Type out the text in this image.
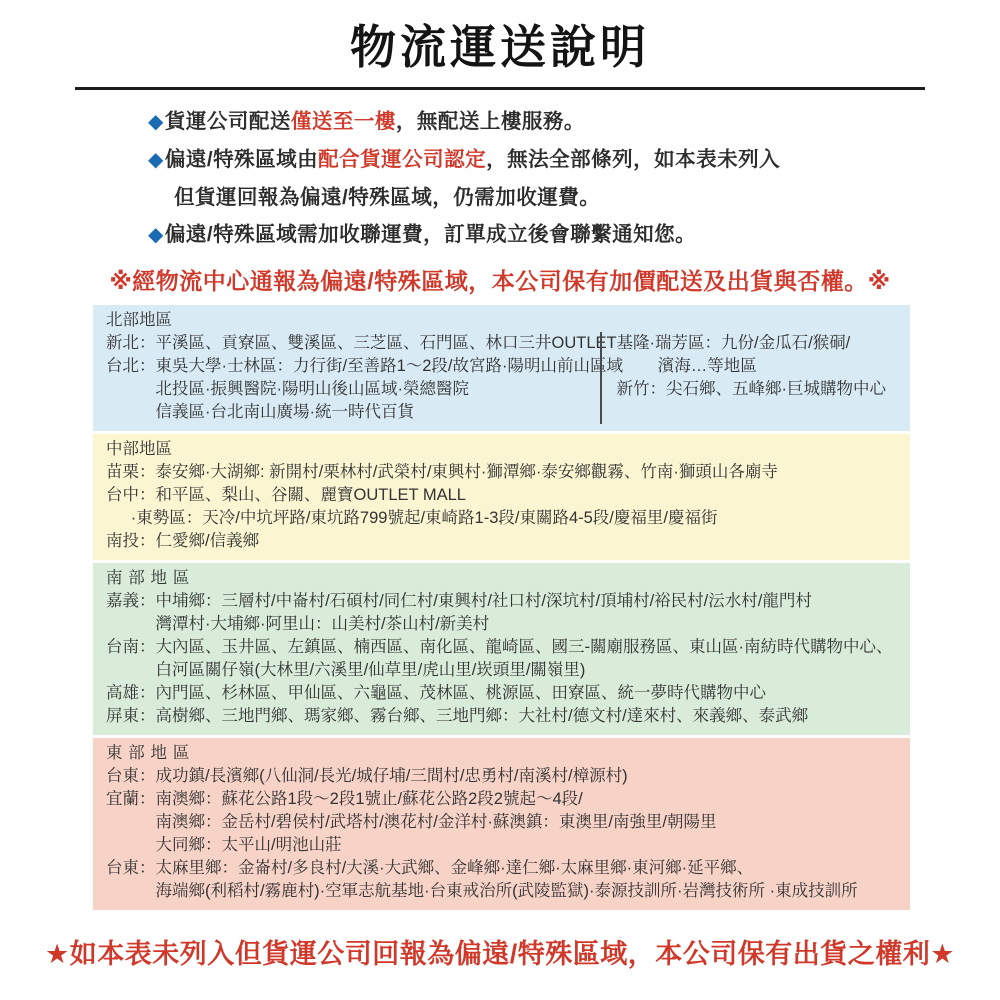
物流運送說明
◆貨運公司配送僅送至一樓，無配送上樓服務。
◆偏遠/特殊區域由配合貨運公司認定，無法全部條列，如本表未列入
但貨運回報為偏遠/特殊區域，仍需加收運費。
◆偏遠/特殊區域需加收聯運費，訂單成立後會聯繫通知您。
※經物流中心通報為偏遠/特殊區域，本公司保有加價配送及出貨與否權。※
北部地區
新北：平溪區、貢寮區、雙溪區、三芝區、石門區、林口三井OUTLET
台北：東吳大學·士林區：力行街/至善路1～2段/故宮路·陽明山前山區域
北投區·振興醫院·陽明山後山區域·榮總醫院
信義區·台北南山廣場·統一時代百貨
基隆·瑞芳區：九份/金瓜石/猴硐/
濱海…等地區
新竹：尖石鄉、五峰鄉·巨城購物中心
中部地區
苗栗：泰安鄉·大湖鄉: 新開村/栗林村/武榮村/東興村·獅潭鄉·泰安鄉觀霧、竹南·獅頭山各廟寺
台中：和平區、梨山、谷關、麗寶OUTLET MALL
·東勢區：天冷/中坑坪路/東坑路799號起/東崎路1-3段/東關路4-5段/慶福里/慶福街
南投：仁愛鄉/信義鄉
南部地區
嘉義：中埔鄉：三層村/中崙村/石碩村/同仁村/東興村/社口村/深坑村/頂埔村/裕民村/沄水村/龍門村
灣潭村·大埔鄉·阿里山：山美村/茶山村/新美村
台南：大內區、玉井區、左鎮區、楠西區、南化區、龍崎區、國三-關廟服務區、東山區·南紡時代購物中心、
白河區關仔嶺(大林里/六溪里/仙草里/虎山里/崁頭里/關嶺里)
高雄：內門區、杉林區、甲仙區、六龜區、茂林區、桃源區、田寮區、統一夢時代購物中心
屏東：高樹鄉、三地門鄉、瑪家鄉、霧台鄉、三地門鄉：大社村/德文村/達來村、來義鄉、泰武鄉
東部地區
台東：成功鎮/長濱鄉(八仙洞/長光/城仔埔/三間村/忠勇村/南溪村/樟源村)
宜蘭：南澳鄉：蘇花公路1段～2段1號止/蘇花公路2段2號起～4段/
南澳鄉：金岳村/碧侯村/武塔村/澳花村/金洋村·蘇澳鎮：東澳里/南強里/朝陽里
大同鄉：太平山/明池山莊
台東：太麻里鄉：金崙村/多良村/大溪·大武鄉、金峰鄉·達仁鄉·太麻里鄉·東河鄉·延平鄉、
海端鄉(利稻村/霧鹿村)·空軍志航基地·台東戒治所(武陵監獄)·泰源技訓所·岩灣技術所 ·東成技訓所
★如本表未列入但貨運公司回報為偏遠/特殊區域，本公司保有出貨之權利★
